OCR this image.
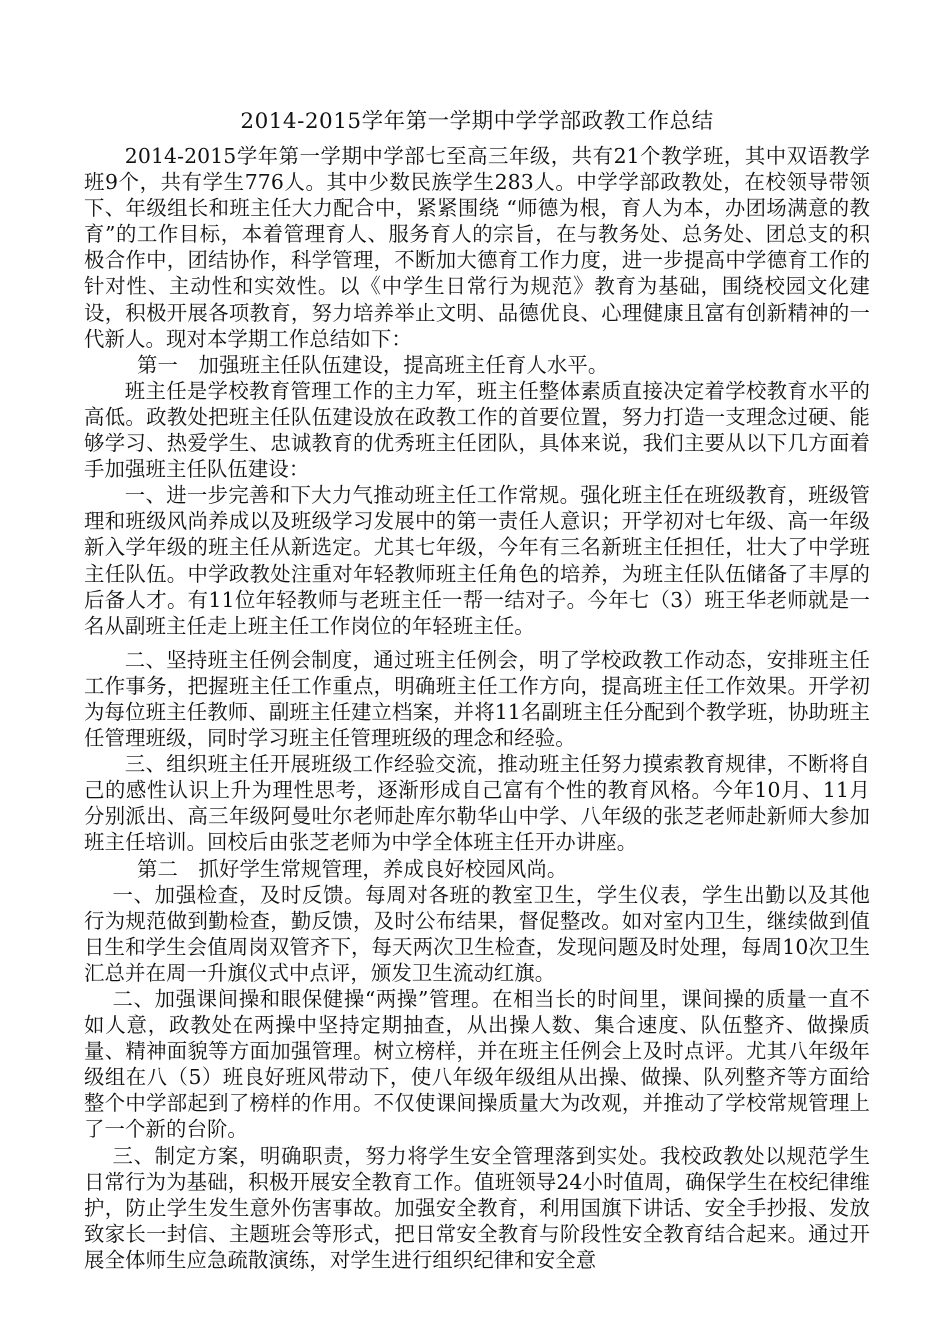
2014-2015学年第一学期中学学部政教工作总结

2014-2015学年第一学期中学部七至高三年级，共有21个教学班，其中双语教学班9个，共有学生776人。其中少数民族学生283人。中学学部政教处，在校领导带领下、年级组长和班主任大力配合中，紧紧围绕 “师德为根，育人为本，办团场满意的教育”的工作目标，本着管理育人、服务育人的宗旨，在与教务处、总务处、团总支的积极合作中，团结协作，科学管理，不断加大德育工作力度，进一步提高中学德育工作的针对性、主动性和实效性。以《中学生日常行为规范》教育为基础，围绕校园文化建设，积极开展各项教育，努力培养举止文明、品德优良、心理健康且富有创新精神的一代新人。现对本学期工作总结如下：

第一　加强班主任队伍建设，提高班主任育人水平。

班主任是学校教育管理工作的主力军，班主任整体素质直接决定着学校教育水平的高低。政教处把班主任队伍建设放在政教工作的首要位置，努力打造一支理念过硬、能够学习、热爱学生、忠诚教育的优秀班主任团队，具体来说，我们主要从以下几方面着手加强班主任队伍建设：

一、进一步完善和下大力气推动班主任工作常规。强化班主任在班级教育，班级管理和班级风尚养成以及班级学习发展中的第一责任人意识；开学初对七年级、高一年级新入学年级的班主任从新选定。尤其七年级，今年有三名新班主任担任，壮大了中学班主任队伍。中学政教处注重对年轻教师班主任角色的培养，为班主任队伍储备了丰厚的后备人才。有11位年轻教师与老班主任一帮一结对子。今年七（3）班王华老师就是一名从副班主任走上班主任工作岗位的年轻班主任。

二、坚持班主任例会制度，通过班主任例会，明了学校政教工作动态，安排班主任工作事务，把握班主任工作重点，明确班主任工作方向，提高班主任工作效果。开学初为每位班主任教师、副班主任建立档案，并将11名副班主任分配到个教学班，协助班主任管理班级，同时学习班主任管理班级的理念和经验。

三、组织班主任开展班级工作经验交流，推动班主任努力摸索教育规律，不断将自己的感性认识上升为理性思考，逐渐形成自己富有个性的教育风格。今年10月、11月分别派出、高三年级阿曼吐尔老师赴库尔勒华山中学、八年级的张芝老师赴新师大参加班主任培训。回校后由张芝老师为中学全体班主任开办讲座。

第二　抓好学生常规管理，养成良好校园风尚。

一、加强检查，及时反馈。每周对各班的教室卫生，学生仪表，学生出勤以及其他行为规范做到勤检查，勤反馈，及时公布结果，督促整改。如对室内卫生，继续做到值日生和学生会值周岗双管齐下，每天两次卫生检查，发现问题及时处理，每周10次卫生汇总并在周一升旗仪式中点评，颁发卫生流动红旗。

二、加强课间操和眼保健操“两操”管理。在相当长的时间里，课间操的质量一直不如人意，政教处在两操中坚持定期抽查，从出操人数、集合速度、队伍整齐、做操质量、精神面貌等方面加强管理。树立榜样，并在班主任例会上及时点评。尤其八年级年级组在八（5）班良好班风带动下，使八年级年级组从出操、做操、队列整齐等方面给整个中学部起到了榜样的作用。不仅使课间操质量大为改观，并推动了学校常规管理上了一个新的台阶。

三、制定方案，明确职责，努力将学生安全管理落到实处。我校政教处以规范学生日常行为为基础，积极开展安全教育工作。值班领导24小时值周，确保学生在校纪律维护，防止学生发生意外伤害事故。加强安全教育，利用国旗下讲话、安全手抄报、发放致家长一封信、主题班会等形式，把日常安全教育与阶段性安全教育结合起来。通过开展全体师生应急疏散演练，对学生进行组织纪律和安全意
